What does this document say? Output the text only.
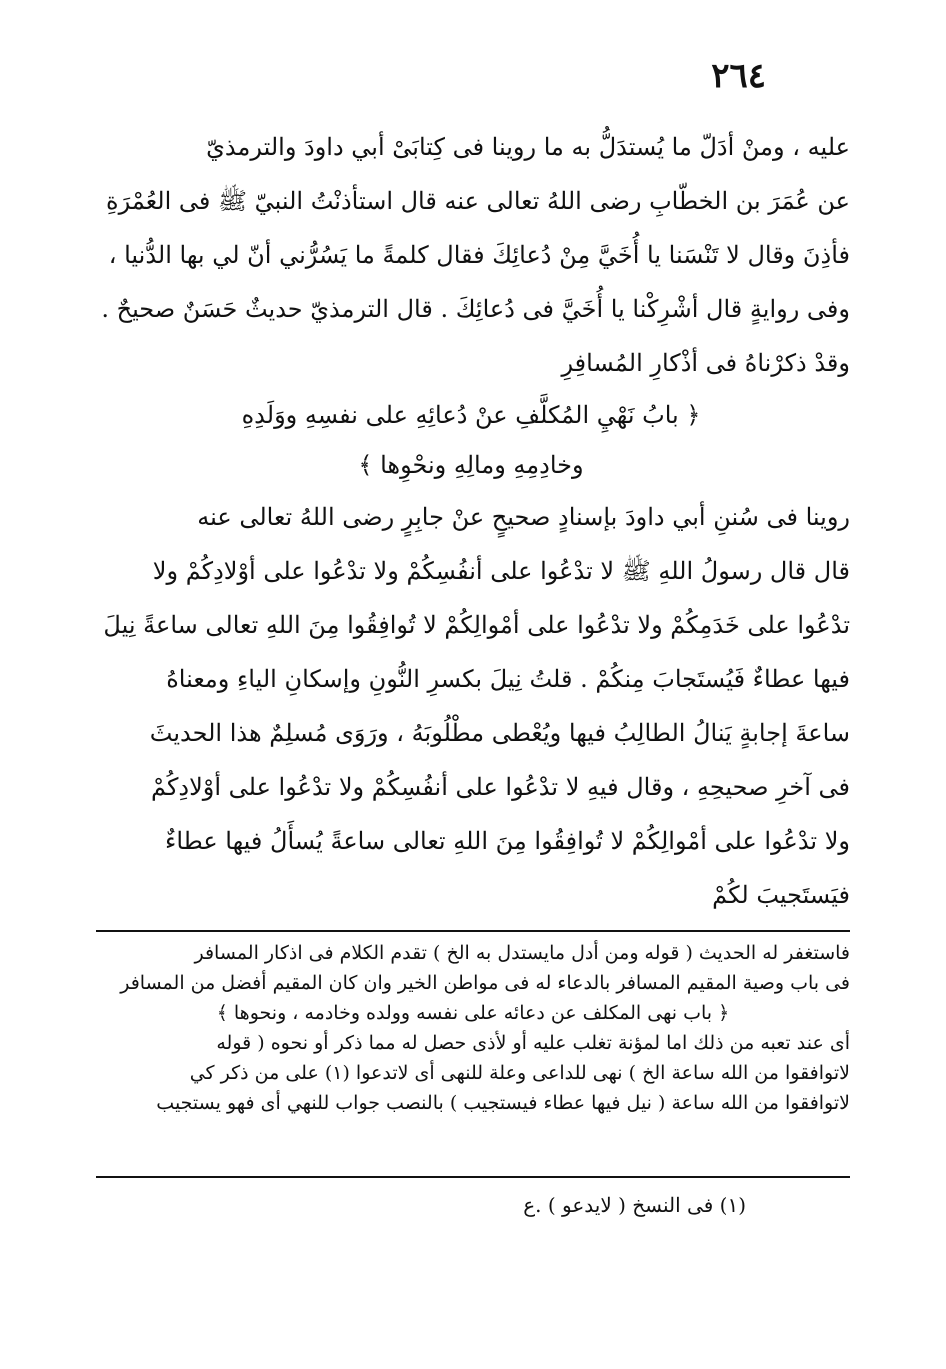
٢٦٤
عليه ، ومنْ أدَلّ ما يُستدَلُّ به ما روينا فى كِتابَىْ أبي داودَ والترمذيّ
عن عُمَرَ بن الخطّابِ رضى اللهُ تعالى عنه قال استأذنْتُ النبيّ ﷺ فى العُمْرَةِ
فأذِنَ وقال لا تَنْسَنا يا أُخَيَّ مِنْ دُعائِكَ فقال كلمةً ما يَسُرُّني أنّ لي بها الدُّنيا ،
وفى روايةٍ قال أشْرِكْنا يا أُخَيَّ فى دُعائِكَ . قال الترمذيّ حديثٌ حَسَنٌ صحيحٌ .
وقدْ ذكرْناهُ فى أذْكارِ المُسافِرِ
﴿ بابُ نَهْيِ المُكلَّفِ عنْ دُعائِهِ على نفسِهِ ووَلَدِهِ
وخادِمِهِ ومالِهِ ونحْوِها ﴾
روينا فى سُننِ أبي داودَ بإسنادٍ صحيحٍ عنْ جابِرٍ رضى اللهُ تعالى عنه
قال قال رسولُ اللهِ ﷺ لا تدْعُوا على أنفُسِكُمْ ولا تدْعُوا على أوْلادِكُمْ ولا
تدْعُوا على خَدَمِكُمْ ولا تدْعُوا على أمْوالِكُمْ لا تُوافِقُوا مِنَ اللهِ تعالى ساعةً نِيلَ
فيها عطاءٌ فَيُستَجابَ مِنكُمْ . قلتُ نِيلَ بكسرِ النُّونِ وإسكانِ الياءِ ومعناهُ
ساعةَ إجابةٍ يَنالُ الطالِبُ فيها ويُعْطى مطْلُوبَهُ ، ورَوَى مُسلِمٌ هذا الحديثَ
فى آخرِ صحيحِهِ ، وقال فيهِ لا تدْعُوا على أنفُسِكُمْ ولا تدْعُوا على أوْلادِكُمْ
ولا تدْعُوا على أمْوالِكُمْ لا تُوافِقُوا مِنَ اللهِ تعالى ساعةً يُسأَلُ فيها عطاءٌ
فيَستَجيبَ لكُمْ
فاستغفر له الحديث ( قوله ومن أدل مايستدل به الخ ) تقدم الكلام فى اذكار المسافر
فى باب وصية المقيم المسافر بالدعاء له فى مواطن الخير وان كان المقيم أفضل من المسافر
﴿ باب نهى المكلف عن دعائه على نفسه وولده وخادمه ، ونحوها ﴾
أى عند تعبه من ذلك اما لمؤنة تغلب عليه أو لأذى حصل له مما ذكر أو نحوه ( قوله
لاتوافقوا من الله ساعة الخ ) نهى للداعى وعلة للنهى أى لاتدعوا (١) على من ذكر كي
لاتوافقوا من الله ساعة ( نيل فيها عطاء فيستجيب ) بالنصب جواب للنهي أى فهو يستجيب
(١) فى النسخ ( لايدعو ) .ع
